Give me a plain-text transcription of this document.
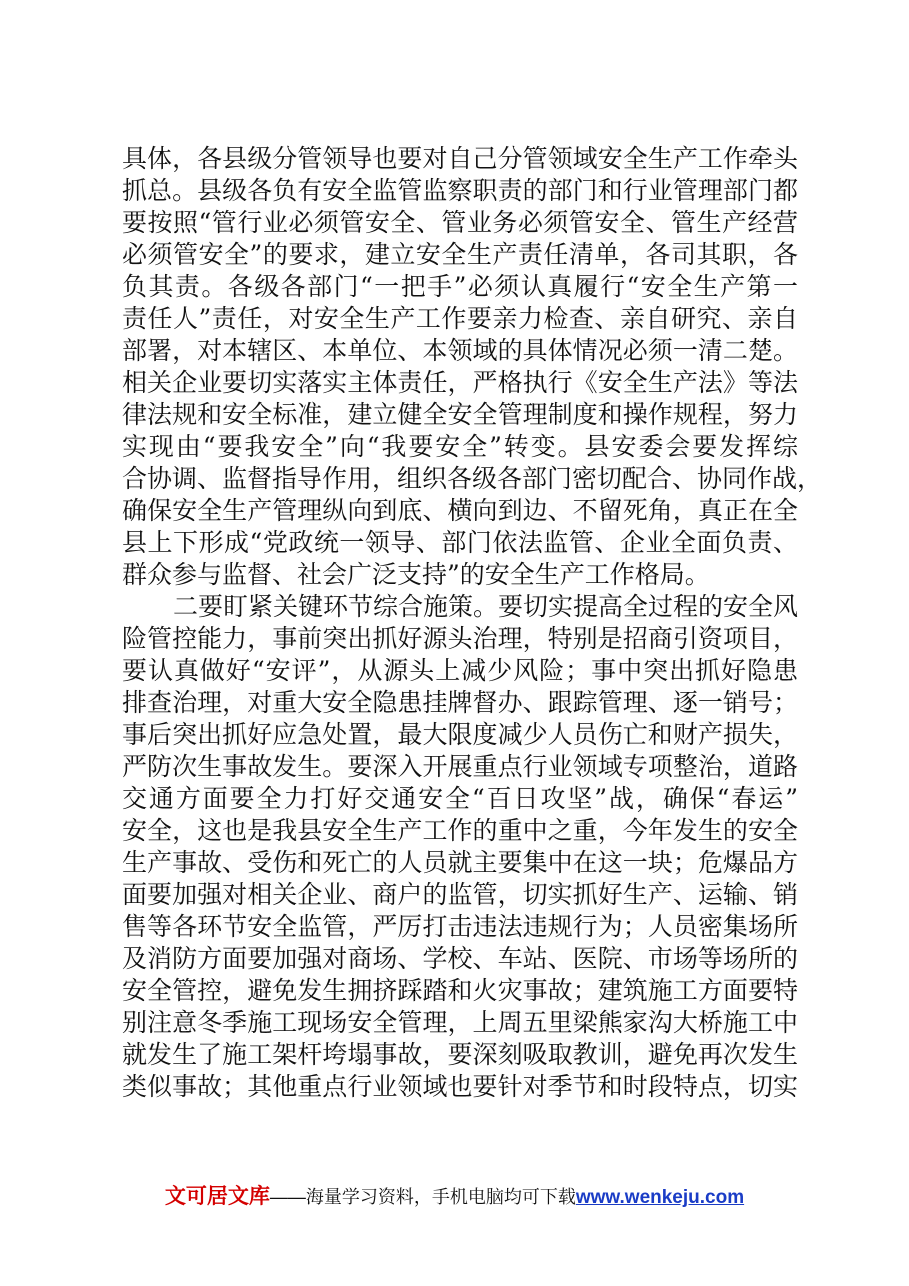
具体，各县级分管领导也要对自己分管领域安全生产工作牵头
抓总。县级各负有安全监管监察职责的部门和行业管理部门都
要按照“管行业必须管安全、管业务必须管安全、管生产经营
必须管安全”的要求，建立安全生产责任清单，各司其职，各
负其责。各级各部门“一把手”必须认真履行“安全生产第一
责任人”责任，对安全生产工作要亲力检查、亲自研究、亲自
部署，对本辖区、本单位、本领域的具体情况必须一清二楚。
相关企业要切实落实主体责任，严格执行《安全生产法》等法
律法规和安全标准，建立健全安全管理制度和操作规程，努力
实现由“要我安全”向“我要安全”转变。县安委会要发挥综
合协调、监督指导作用，组织各级各部门密切配合、协同作战，
确保安全生产管理纵向到底、横向到边、不留死角，真正在全
县上下形成“党政统一领导、部门依法监管、企业全面负责、
群众参与监督、社会广泛支持”的安全生产工作格局。
二要盯紧关键环节综合施策。要切实提高全过程的安全风
险管控能力，事前突出抓好源头治理，特别是招商引资项目，
要认真做好“安评”，从源头上减少风险；事中突出抓好隐患
排查治理，对重大安全隐患挂牌督办、跟踪管理、逐一销号；
事后突出抓好应急处置，最大限度减少人员伤亡和财产损失，
严防次生事故发生。要深入开展重点行业领域专项整治，道路
交通方面要全力打好交通安全“百日攻坚”战，确保“春运”
安全，这也是我县安全生产工作的重中之重，今年发生的安全
生产事故、受伤和死亡的人员就主要集中在这一块；危爆品方
面要加强对相关企业、商户的监管，切实抓好生产、运输、销
售等各环节安全监管，严厉打击违法违规行为；人员密集场所
及消防方面要加强对商场、学校、车站、医院、市场等场所的
安全管控，避免发生拥挤踩踏和火灾事故；建筑施工方面要特
别注意冬季施工现场安全管理，上周五里梁熊家沟大桥施工中
就发生了施工架杆垮塌事故，要深刻吸取教训，避免再次发生
类似事故；其他重点行业领域也要针对季节和时段特点，切实
文可居文库——海量学习资料，手机电脑均可下载www.wenkeju.com
